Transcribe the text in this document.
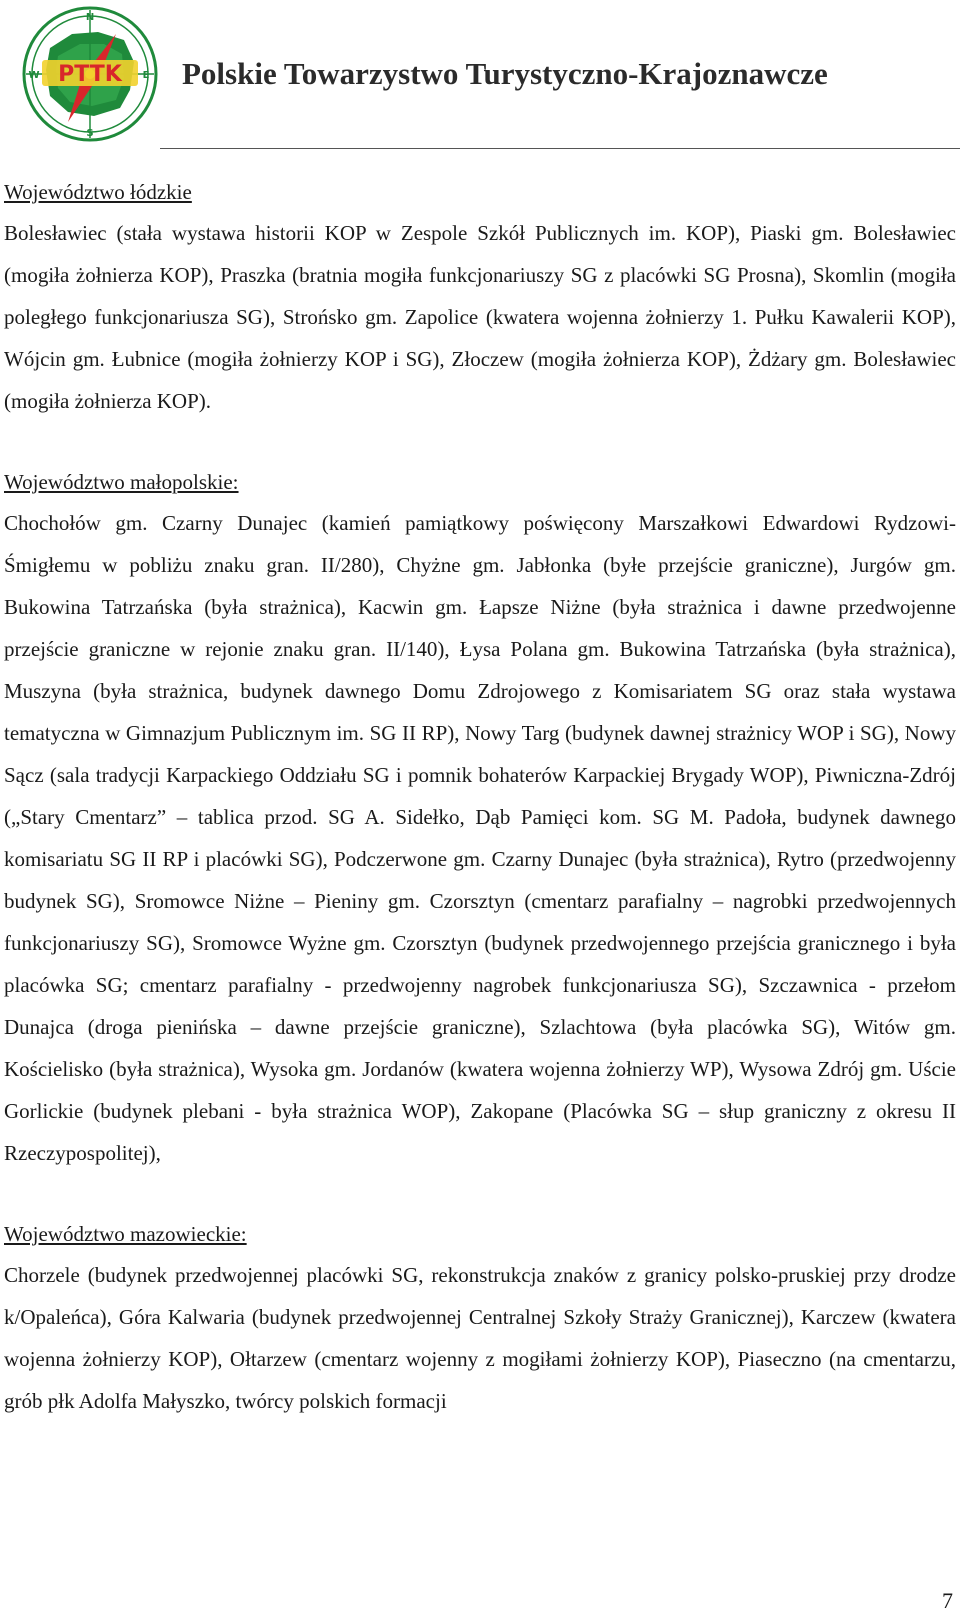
PTTK
N
S
E
W	Polskie Towarzystwo Turystyczno-Krajoznawcze

Województwo łódzkie

Bolesławiec (stała wystawa historii KOP w Zespole Szkół Publicznych im. KOP), Piaski gm. Bolesławiec (mogiła żołnierza KOP), Praszka (bratnia mogiła funkcjonariuszy SG z placówki SG Prosna), Skomlin (mogiła poległego funkcjonariusza SG), Strońsko gm. Zapolice (kwatera wojenna żołnierzy 1. Pułku Kawalerii KOP), Wójcin gm. Łubnice (mogiła żołnierzy KOP i SG), Złoczew (mogiła żołnierza KOP), Żdżary gm. Bolesławiec (mogiła żołnierza KOP).

Województwo małopolskie:

Chochołów gm. Czarny Dunajec (kamień pamiątkowy poświęcony Marszałkowi Edwardowi Rydzowi-Śmigłemu w pobliżu znaku gran. II/280), Chyżne gm. Jabłonka (byłe przejście graniczne), Jurgów gm. Bukowina Tatrzańska (była strażnica), Kacwin gm. Łapsze Niżne (była strażnica i dawne przedwojenne przejście graniczne w rejonie znaku gran. II/140), Łysa Polana gm. Bukowina Tatrzańska (była strażnica), Muszyna (była strażnica, budynek dawnego Domu Zdrojowego z Komisariatem SG oraz stała wystawa tematyczna w Gimnazjum Publicznym im. SG II RP), Nowy Targ (budynek dawnej strażnicy WOP i SG), Nowy Sącz (sala tradycji Karpackiego Oddziału SG i pomnik bohaterów Karpackiej Brygady WOP), Piwniczna-Zdrój („Stary Cmentarz” – tablica przod. SG A. Sidełko, Dąb Pamięci kom. SG M. Padoła, budynek dawnego komisariatu SG II RP i placówki SG), Podczerwone gm. Czarny Dunajec (była strażnica), Rytro (przedwojenny budynek SG), Sromowce Niżne – Pieniny gm. Czorsztyn (cmentarz parafialny – nagrobki przedwojennych funkcjonariuszy SG), Sromowce Wyżne gm. Czorsztyn (budynek przedwojennego przejścia granicznego i była placówka SG; cmentarz parafialny - przedwojenny nagrobek funkcjonariusza SG), Szczawnica - przełom Dunajca (droga pienińska – dawne przejście graniczne), Szlachtowa (była placówka SG), Witów gm. Kościelisko (była strażnica), Wysoka gm. Jordanów (kwatera wojenna żołnierzy WP), Wysowa Zdrój gm. Uście Gorlickie (budynek plebani - była strażnica WOP), Zakopane (Placówka SG – słup graniczny z okresu II Rzeczypospolitej),

Województwo mazowieckie:

Chorzele (budynek przedwojennej placówki SG, rekonstrukcja znaków z granicy polsko-pruskiej przy drodze k/Opaleńca), Góra Kalwaria (budynek przedwojennej Centralnej Szkoły Straży Granicznej), Karczew (kwatera wojenna żołnierzy KOP), Ołtarzew (cmentarz wojenny z mogiłami żołnierzy KOP), Piaseczno (na cmentarzu, grób płk Adolfa Małyszko, twórcy polskich formacji

7
